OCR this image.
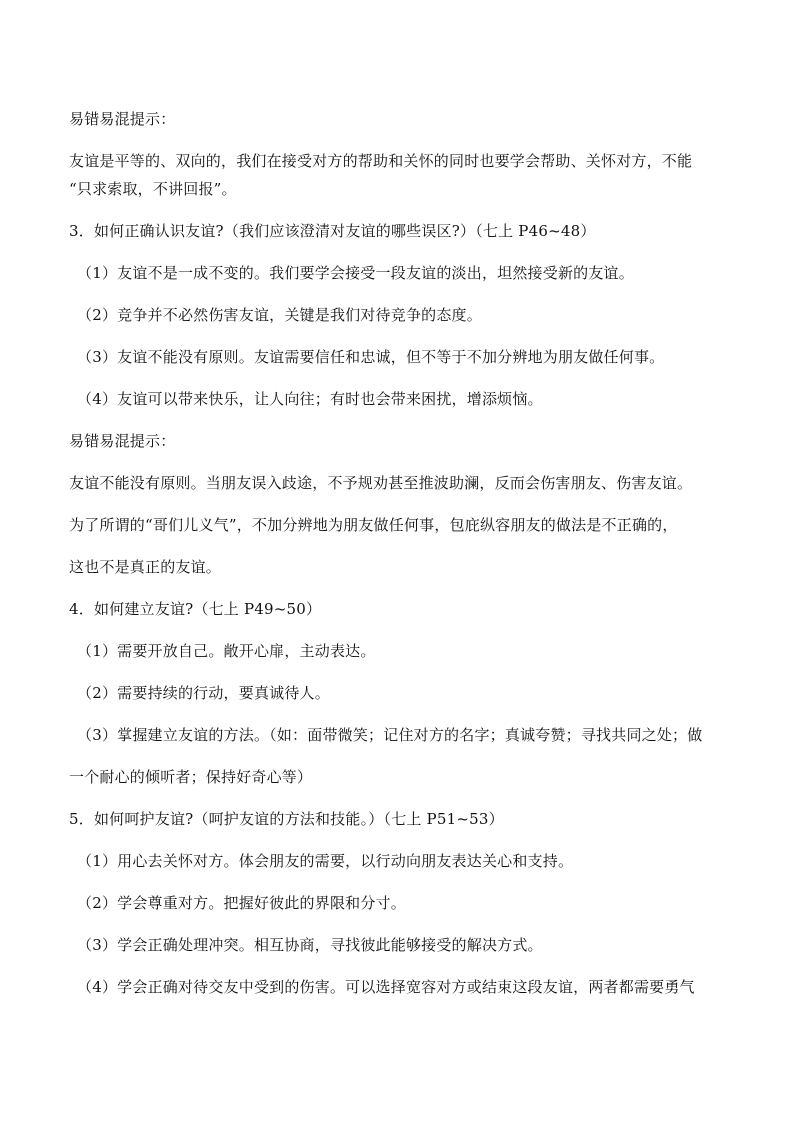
易错易混提示：

友谊是平等的、双向的，我们在接受对方的帮助和关怀的同时也要学会帮助、关怀对方，不能

“只求索取，不讲回报”。

3．如何正确认识友谊?（我们应该澄清对友谊的哪些误区?）（七上 P46~48）

（1）友谊不是一成不变的。我们要学会接受一段友谊的淡出，坦然接受新的友谊。

（2）竞争并不必然伤害友谊，关键是我们对待竞争的态度。

（3）友谊不能没有原则。友谊需要信任和忠诚，但不等于不加分辨地为朋友做任何事。

（4）友谊可以带来快乐，让人向往；有时也会带来困扰，增添烦恼。

易错易混提示：

友谊不能没有原则。当朋友误入歧途，不予规劝甚至推波助澜，反而会伤害朋友、伤害友谊。

为了所谓的“哥们儿义气”，不加分辨地为朋友做任何事，包庇纵容朋友的做法是不正确的，

这也不是真正的友谊。

4．如何建立友谊?（七上 P49~50）

（1）需要开放自己。敞开心扉，主动表达。

（2）需要持续的行动，要真诚待人。

（3）掌握建立友谊的方法。（如：面带微笑；记住对方的名字；真诚夸赞；寻找共同之处；做

一个耐心的倾听者；保持好奇心等）

5．如何呵护友谊?（呵护友谊的方法和技能。）（七上 P51~53）

（1）用心去关怀对方。体会朋友的需要，以行动向朋友表达关心和支持。

（2）学会尊重对方。把握好彼此的界限和分寸。

（3）学会正确处理冲突。相互协商，寻找彼此能够接受的解决方式。

（4）学会正确对待交友中受到的伤害。可以选择宽容对方或结束这段友谊，两者都需要勇气
